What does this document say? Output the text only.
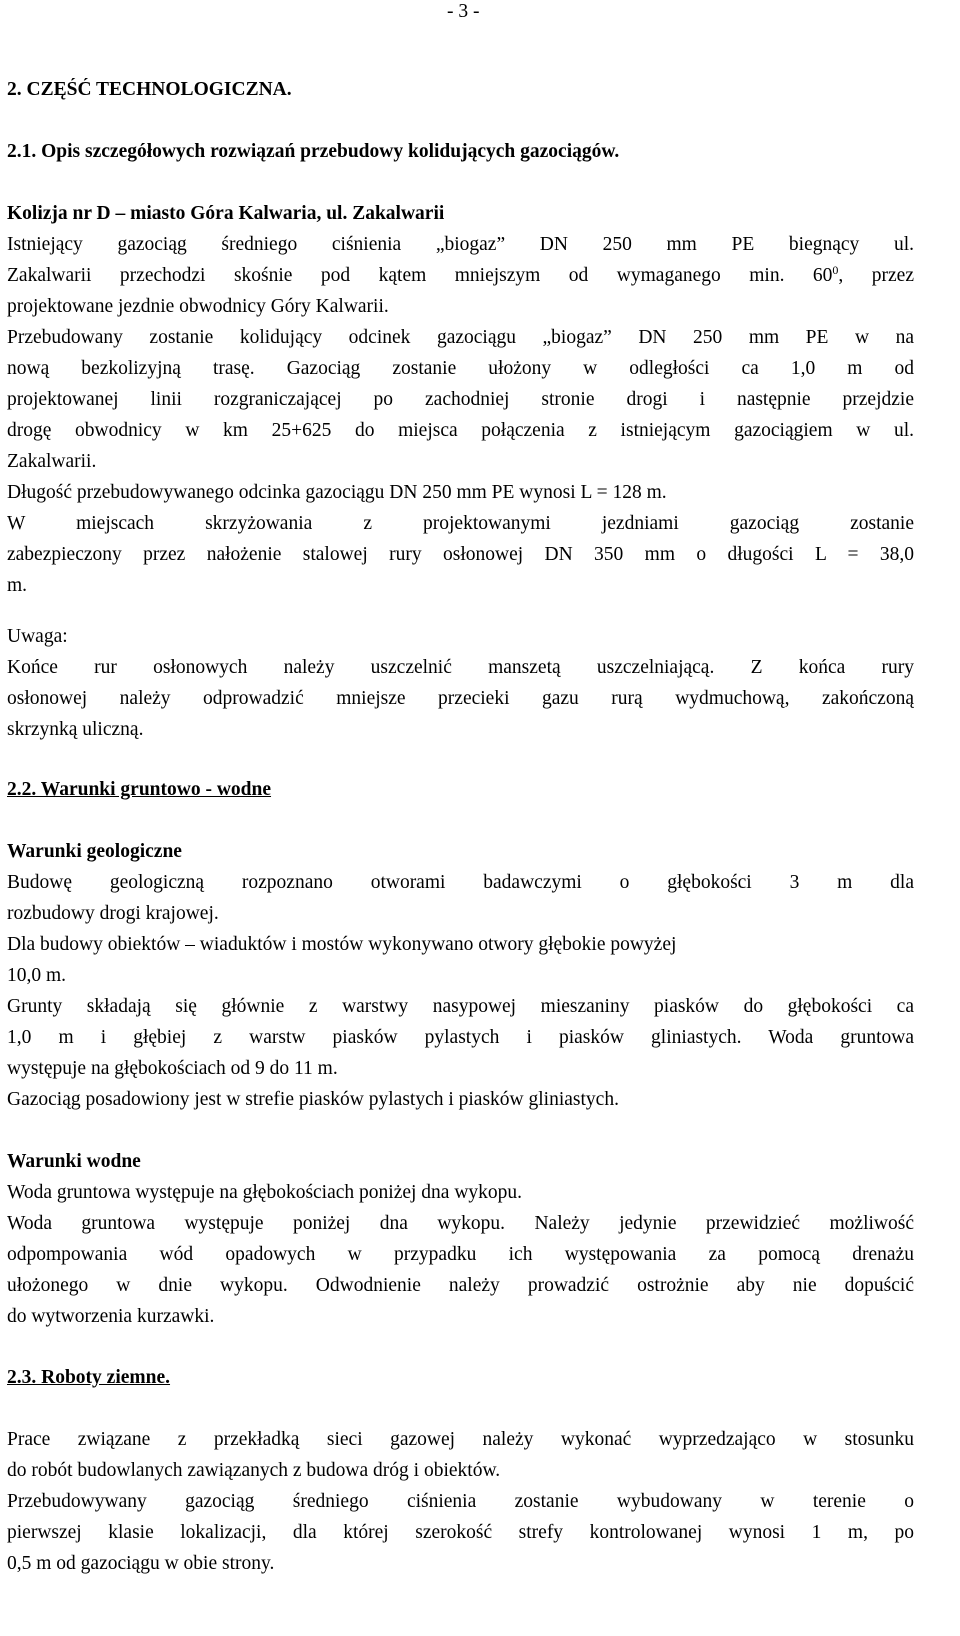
- 3 -
2. CZĘŚĆ TECHNOLOGICZNA.
2.1. Opis szczegółowych rozwiązań przebudowy kolidujących gazociągów.
Kolizja nr D – miasto Góra Kalwaria, ul. Zakalwarii
Istniejący gazociąg średniego ciśnienia „biogaz” DN 250 mm PE biegnący ul.
Zakalwarii przechodzi skośnie pod kątem mniejszym od wymaganego min. $60^0$, przez
projektowane jezdnie obwodnicy Góry Kalwarii.
Przebudowany zostanie kolidujący odcinek gazociągu „biogaz” DN 250 mm PE w na
nową bezkolizyjną trasę. Gazociąg zostanie ułożony w odległości ca 1,0 m od
projektowanej linii rozgraniczającej po zachodniej stronie drogi i następnie przejdzie
drogę obwodnicy w km 25+625 do miejsca połączenia z istniejącym gazociągiem w ul.
Zakalwarii.
Długość przebudowywanego odcinka gazociągu DN 250 mm PE wynosi L = 128 m.
W miejscach skrzyżowania z projektowanymi jezdniami gazociąg zostanie
zabezpieczony przez nałożenie stalowej rury osłonowej DN 350 mm o długości L = 38,0
m.
Uwaga:
Końce rur osłonowych należy uszczelnić manszetą uszczelniającą. Z końca rury
osłonowej należy odprowadzić mniejsze przecieki gazu rurą wydmuchową, zakończoną
skrzynką uliczną.
2.2. Warunki gruntowo - wodne
Warunki geologiczne
Budowę geologiczną rozpoznano otworami badawczymi o głębokości 3 m dla
rozbudowy drogi krajowej.
Dla budowy obiektów – wiaduktów i mostów wykonywano otwory głębokie powyżej
10,0 m.
Grunty składają się głównie z warstwy nasypowej mieszaniny piasków do głębokości ca
1,0 m i głębiej z warstw piasków pylastych i piasków gliniastych. Woda gruntowa
występuje na głębokościach od 9 do 11 m.
Gazociąg posadowiony jest w strefie piasków pylastych i piasków gliniastych.
Warunki wodne
Woda gruntowa występuje na głębokościach poniżej dna wykopu.
Woda gruntowa występuje poniżej dna wykopu. Należy jedynie przewidzieć możliwość
odpompowania wód opadowych w przypadku ich występowania za pomocą drenażu
ułożonego w dnie wykopu. Odwodnienie należy prowadzić ostrożnie aby nie dopuścić
do wytworzenia kurzawki.
2.3. Roboty ziemne.
Prace związane z przekładką sieci gazowej należy wykonać wyprzedzająco w stosunku
do robót budowlanych zawiązanych z budowa dróg i obiektów.
Przebudowywany gazociąg średniego ciśnienia zostanie wybudowany w terenie o
pierwszej klasie lokalizacji, dla której szerokość strefy kontrolowanej wynosi 1 m, po
0,5 m od gazociągu w obie strony.
